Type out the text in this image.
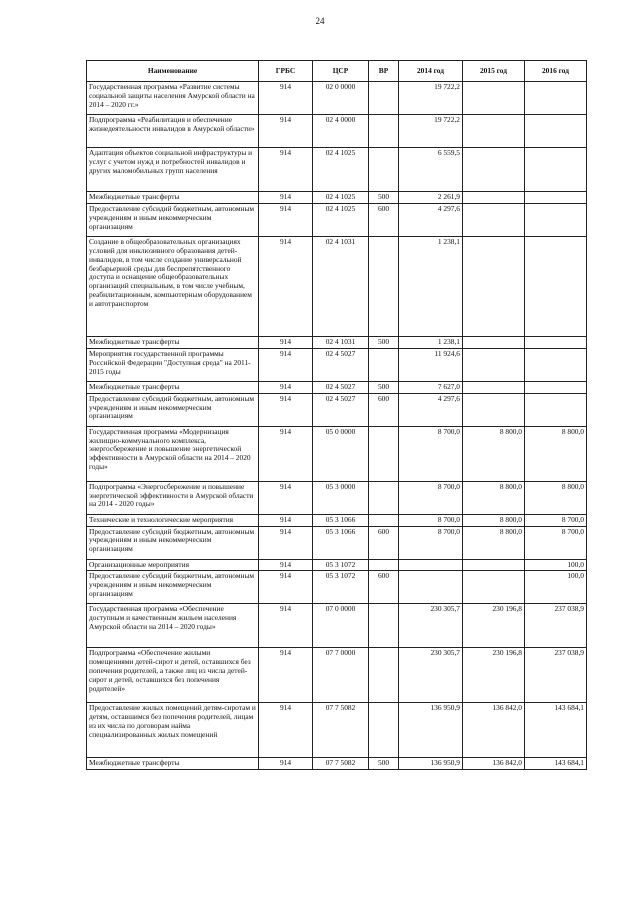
24
Наименование	ГРБС	ЦСР	ВР	2014 год	2015 год	2016 год
Государственная программа «Развитие системы социальной защиты населения Амурской области на 2014 – 2020 гг.»	914	02 0 0000		19 722,2		
Подпрограмма «Реабилитация и обеспечение жизнедеятельности инвалидов в Амурской области»	914	02 4 0000		19 722,2		
Адаптация объектов социальной инфраструктуры и услуг с учетом нужд и потребностей инвалидов и других маломобильных групп населения	914	02 4 1025		6 559,5		
Межбюджетные трансферты	914	02 4 1025	500	2 261,9		
Предоставление субсидий бюджетным, автономным учреждениям и иным некоммерческим организациям	914	02 4 1025	600	4 297,6		
Создание в общеобразовательных организациях условий для инклюзивного образования детей-инвалидов, в том числе создание универсальной безбарьерной среды для беспрепятственного доступа и оснащение общеобразовательных организаций специальным, в том числе учебным, реабилитационным, компьютерным оборудованием и автотранспортом	914	02 4 1031		1 238,1		
Межбюджетные трансферты	914	02 4 1031	500	1 238,1		
Мероприятия государственной программы Российской Федерации "Доступная среда" на 2011-2015 годы	914	02 4 5027		11 924,6		
Межбюджетные трансферты	914	02 4 5027	500	7 627,0		
Предоставление субсидий бюджетным, автономным учреждениям и иным некоммерческим организациям	914	02 4 5027	600	4 297,6		
Государственная программа «Модернизация жилищно-коммунального комплекса, энергосбережение и повышение энергетической эффективности в Амурской области на 2014 – 2020 годы»	914	05 0 0000		8 700,0	8 800,0	8 800,0
Подпрограмма «Энергосбережение и повышение энергетической эффективности в Амурской области на 2014 - 2020 годы»	914	05 3 0000		8 700,0	8 800,0	8 800,0
Технические и технологические мероприятия	914	05 3 1066		8 700,0	8 800,0	8 700,0
Предоставление субсидий бюджетным, автономным учреждениям и иным некоммерческим организациям	914	05 3 1066	600	8 700,0	8 800,0	8 700,0
Организационные мероприятия	914	05 3 1072				100,0
Предоставление субсидий бюджетным, автономным учреждениям и иным некоммерческим организациям	914	05 3 1072	600			100,0
Государственная программа «Обеспечение доступным и качественным жильем населения Амурской области на 2014 – 2020 годы»	914	07 0 0000		230 305,7	230 196,8	237 038,9
Подпрограмма «Обеспечение жилыми помещениями детей-сирот и детей, оставшихся без попечения родителей, а также лиц из числа детей-сирот и детей, оставшихся без попечения родителей»	914	07 7 0000		230 305,7	230 196,8	237 038,9
Предоставление жилых помещений детям-сиротам и детям, оставшимся без попечения родителей, лицам из их числа по договорам найма специализированных жилых помещений	914	07 7 5082		136 950,9	136 842,0	143 684,1
Межбюджетные трансферты	914	07 7 5082	500	136 950,9	136 842,0	143 684,1
